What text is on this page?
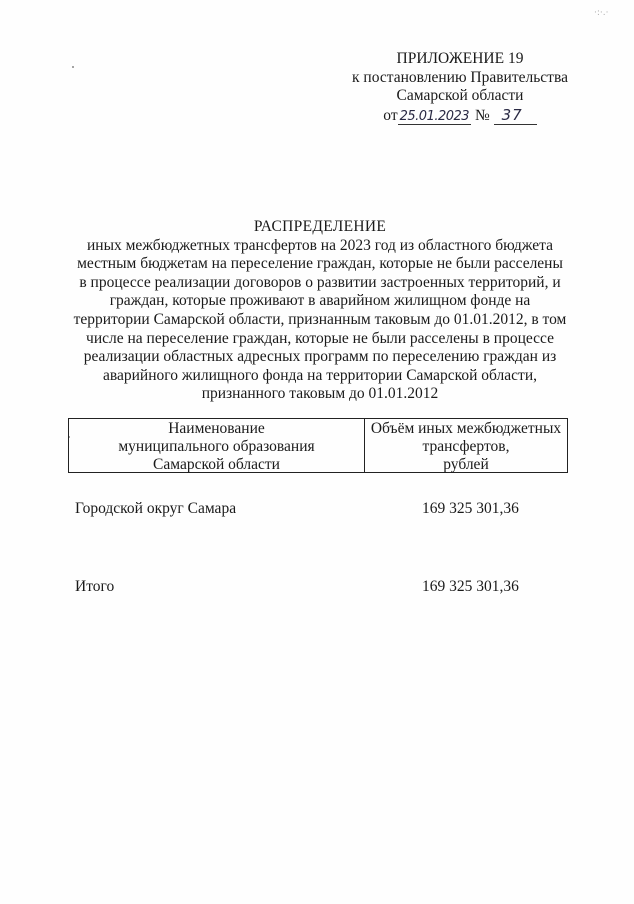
·:·.·
ПРИЛОЖЕНИЕ 19
к постановлению Правительства
Самарской области
от 25.01.2023 № 37
РАСПРЕДЕЛЕНИЕ
иных межбюджетных трансфертов на 2023 год из областного бюджета
местным бюджетам на переселение граждан, которые не были расселены
в процессе реализации договоров о развитии застроенных территорий, и
граждан, которые проживают в аварийном жилищном фонде на
территории Самарской области, признанным таковым до 01.01.2012, в том
числе на переселение граждан, которые не были расселены в процессе
реализации областных адресных программ по переселению граждан из
аварийного жилищного фонда на территории Самарской области,
признанного таковым до 01.01.2012
Наименование
муниципального образования
Самарской области
Объём иных межбюджетных
трансфертов,
рублей
Городской округ Самара	169 325 301,36
Итого	169 325 301,36
